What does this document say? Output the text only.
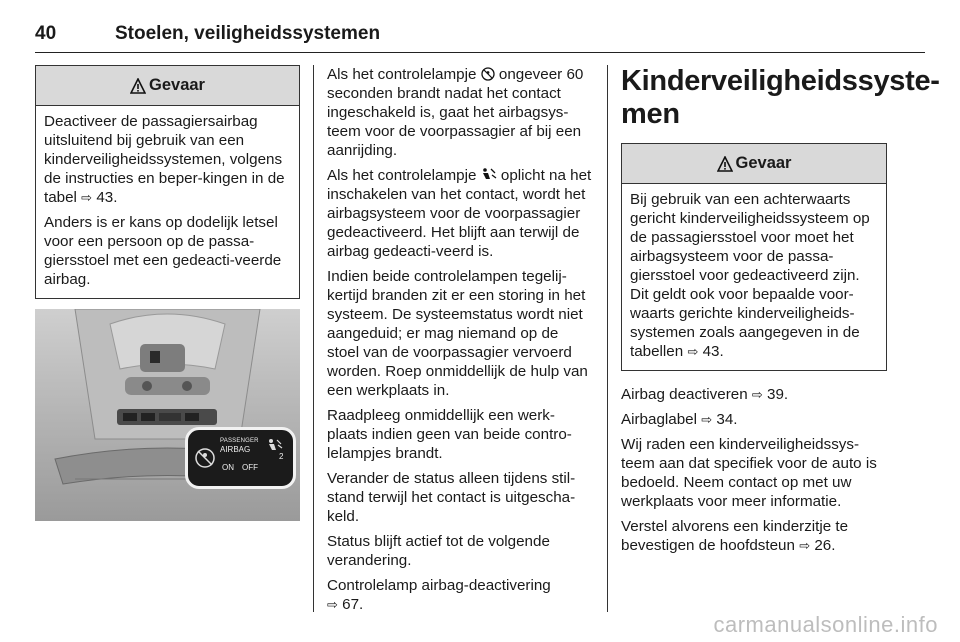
40	Stoelen, veiligheidssystemen
Gevaar

Deactiveer de passagiersairbag uitsluitend bij gebruik van een kinderveiligheidssystemen, volgens de instructies en beper-kingen in de tabel ⇨ 43.

Anders is er kans op dodelijk letsel voor een persoon op de passa-giersstoel met een gedeacti-veerde airbag.

PASSENGER
AIRBAG
ON OFF
2

Als het controlelampje ongeveer 60 seconden brandt nadat het contact ingeschakeld is, gaat het airbagsys-teem voor de voorpassagier af bij een aanrijding.

Als het controlelampje oplicht na het inschakelen van het contact, wordt het airbagsysteem voor de voorpassagier gedeactiveerd. Het blijft aan terwijl de airbag gedeacti-veerd is.

Indien beide controlelampen tegelij-kertijd branden zit er een storing in het systeem. De systeemstatus wordt niet aangeduid; er mag niemand op de stoel van de voorpassagier vervoerd worden. Roep onmiddellijk de hulp van een werkplaats in.

Raadpleeg onmiddellijk een werk-plaats indien geen van beide contro-lelampjes brandt.

Verander de status alleen tijdens stil-stand terwijl het contact is uitgescha-keld.

Status blijft actief tot de volgende verandering.

Controlelamp airbag-deactivering
⇨ 67.

Kinderveiligheidssyste-men
Gevaar

Bij gebruik van een achterwaarts gericht kinderveiligheidssysteem op de passagiersstoel voor moet het airbagsysteem voor de passa-giersstoel voor gedeactiveerd zijn. Dit geldt ook voor bepaalde voor-waarts gerichte kinderveiligheids-systemen zoals aangegeven in de tabellen ⇨ 43.

Airbag deactiveren ⇨ 39.

Airbaglabel ⇨ 34.

Wij raden een kinderveiligheidssys-teem aan dat specifiek voor de auto is bedoeld. Neem contact op met uw werkplaats voor meer informatie.

Verstel alvorens een kinderzitje te bevestigen de hoofdsteun ⇨ 26.

carmanualsonline.info
